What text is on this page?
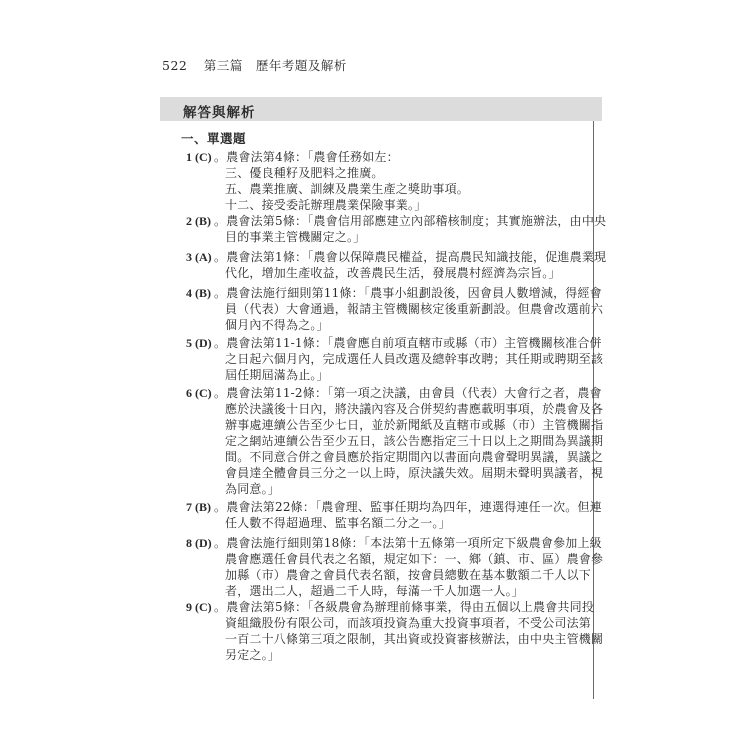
522 第三篇　歷年考題及解析
解答與解析
一、單選題
1 (C) 。農會法第4條：「農會任務如左：
三、優良種籽及肥料之推廣。
五、農業推廣、訓練及農業生產之獎助事項。
十二、接受委託辦理農業保險事業。」
2 (B) 。農會法第5條：「農會信用部應建立內部稽核制度；其實施辦法，由中央
目的事業主管機關定之。」
3 (A) 。農會法第1條：「農會以保障農民權益，提高農民知識技能，促進農業現
代化，增加生產收益，改善農民生活，發展農村經濟為宗旨。」
4 (B) 。農會法施行細則第11條：「農事小組劃設後，因會員人數增減，得經會
員（代表）大會通過，報請主管機關核定後重新劃設。但農會改選前六
個月內不得為之。」
5 (D) 。農會法第11-1條：「農會應自前項直轄市或縣（市）主管機關核准合併
之日起六個月內，完成選任人員改選及總幹事改聘；其任期或聘期至該
屆任期屆滿為止。」
6 (C) 。農會法第11-2條：「第一項之決議，由會員（代表）大會行之者，農會
應於決議後十日內，將決議內容及合併契約書應載明事項，於農會及各
辦事處連續公告至少七日，並於新聞紙及直轄市或縣（市）主管機關指
定之網站連續公告至少五日，該公告應指定三十日以上之期間為異議期
間。不同意合併之會員應於指定期間內以書面向農會聲明異議，異議之
會員達全體會員三分之一以上時，原決議失效。屆期未聲明異議者，視
為同意。」
7 (B) 。農會法第22條：「農會理、監事任期均為四年，連選得連任一次。但連
任人數不得超過理、監事名額二分之一。」
8 (D) 。農會法施行細則第18條：「本法第十五條第一項所定下級農會參加上級
農會應選任會員代表之名額，規定如下：一、鄉（鎮、市、區）農會參
加縣（市）農會之會員代表名額，按會員總數在基本數額二千人以下
者，選出二人，超過二千人時，每滿一千人加選一人。」
9 (C) 。農會法第5條：「各級農會為辦理前條事業，得由五個以上農會共同投
資組織股份有限公司，而該項投資為重大投資事項者，不受公司法第
一百二十八條第三項之限制，其出資或投資審核辦法，由中央主管機關
另定之。」
